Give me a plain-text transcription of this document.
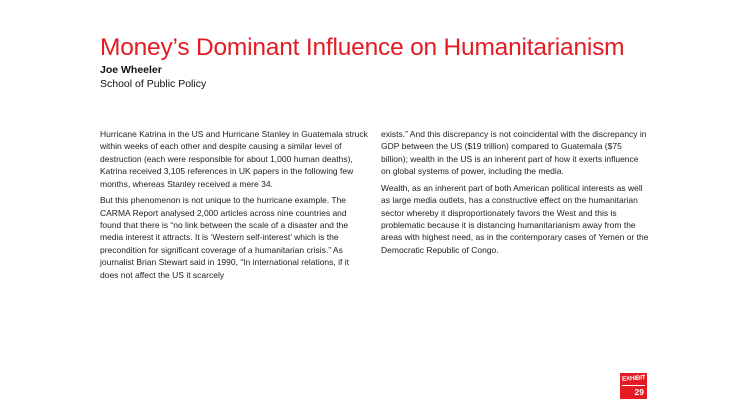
Money’s Dominant Influence on Humanitarianism
Joe Wheeler
School of Public Policy

Hurricane Katrina in the US and Hurricane Stanley in Guatemala struck within weeks of each other and despite causing a similar level of destruction (each were responsible for about 1,000 human deaths), Katrina received 3,105 references in UK papers in the following few months, whereas Stanley received a mere 34.

But this phenomenon is not unique to the hurricane example. The CARMA Report analysed 2,000 articles across nine countries and found that there is “no link between the scale of a disaster and the media interest it attracts. It is ‘Western self-interest’ which is the precondition for significant coverage of a humanitarian crisis.” As journalist Brian Stewart said in 1990, “In international relations, if it does not affect the US it scarcely

exists.” And this discrepancy is not coincidental with the discrepancy in GDP between the US ($19 trillion) compared to Guatemala ($75 billion); wealth in the US is an inherent part of how it exerts influence on global systems of power, including the media.

Wealth, as an inherent part of both American political interests as well as large media outlets, has a constructive effect on the humanitarian sector whereby it disproportionately favors the West and this is problematic because it is distancing humanitarianism away from the areas with highest need, as in the contemporary cases of Yemen or the Democratic Republic of Congo.

EXHIBIT
29
